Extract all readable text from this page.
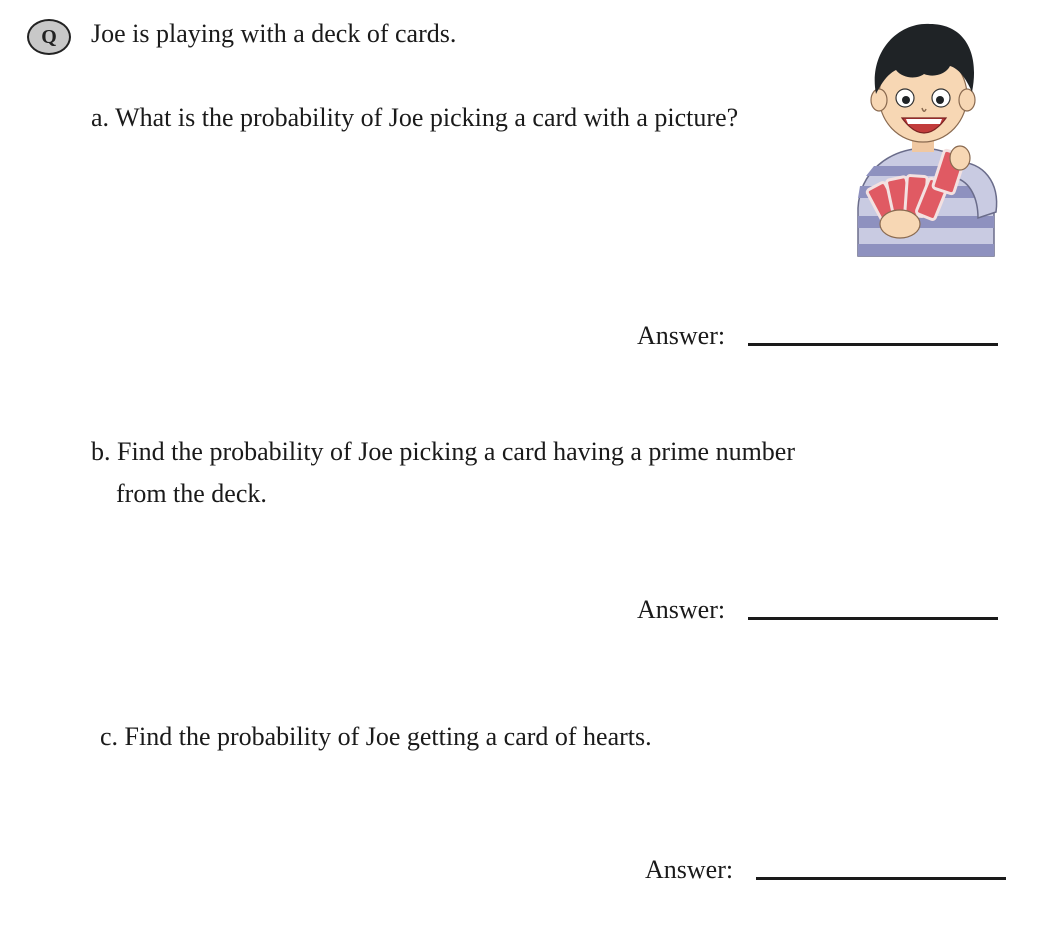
Q	Joe is playing with a deck of cards.
a. What is the probability of Joe picking a card with a picture?
Answer:
b. Find the probability of Joe picking a card having a prime number
from the deck.
Answer:
c. Find the probability of Joe getting a card of hearts.
Answer:
